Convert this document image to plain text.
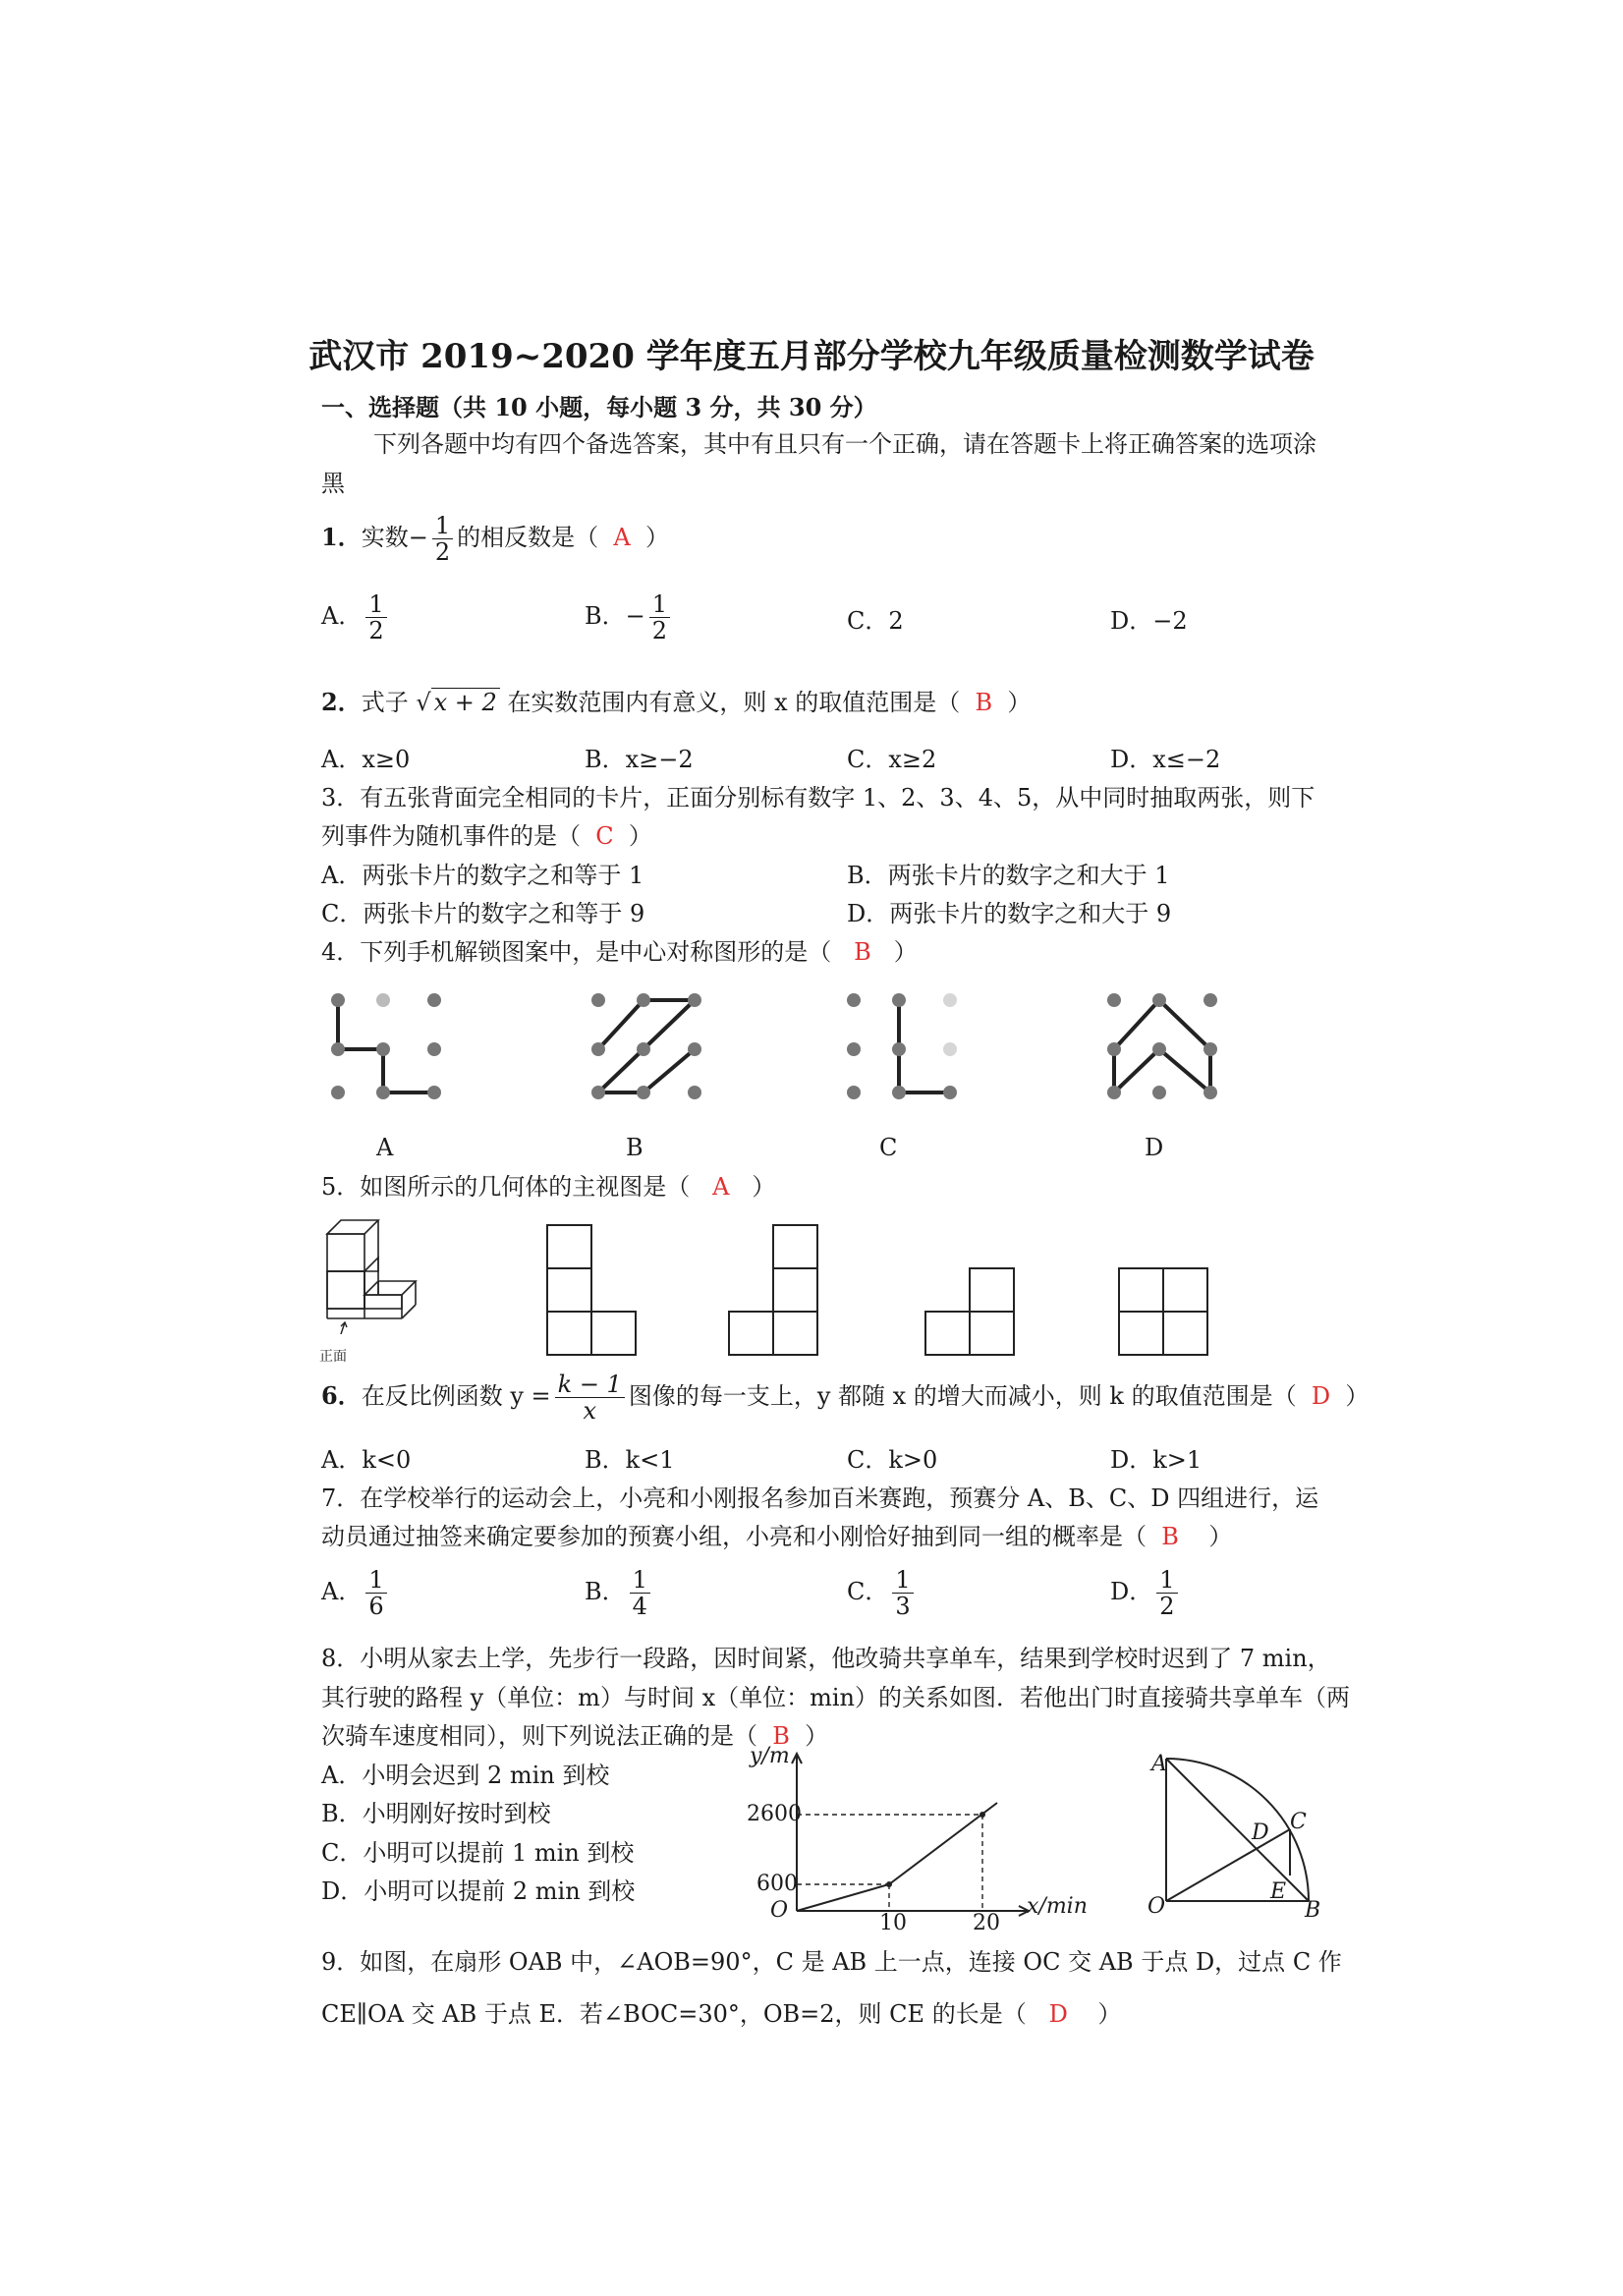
武汉市 2019~2020 学年度五月部分学校九年级质量检测数学试卷
一、选择题（共 10 小题，每小题 3 分，共 30 分）
下列各题中均有四个备选答案，其中有且只有一个正确，请在答题卡上将正确答案的选项涂
黑
1．实数− $\frac{1}{2}$ 的相反数是（ A ）
A． $\frac{1}{2}$	B．− $\frac{1}{2}$	C．2	D．−2
2．式子 √ x + 2 在实数范围内有意义，则 x 的取值范围是（ B ）
A．x≥0	B．x≥−2	C．x≥2	D．x≤−2
3．有五张背面完全相同的卡片，正面分别标有数字 1、2、3、4、5，从中同时抽取两张，则下
列事件为随机事件的是（ C ）
A．两张卡片的数字之和等于 1	B．两张卡片的数字之和大于 1
C．两张卡片的数字之和等于 9	D．两张卡片的数字之和大于 9
4．下列手机解锁图案中，是中心对称图形的是（ B ）
A	B	C	D
5．如图所示的几何体的主视图是（ A ）
正面
6．在反比例函数 $y = \frac{k - 1}{x}$ 图像的每一支上，y 都随 x 的增大而减小，则 k 的取值范围是（ D ）
A．k<0	B．k<1	C．k>0	D．k>1
7．在学校举行的运动会上，小亮和小刚报名参加百米赛跑，预赛分 A、B、C、D 四组进行，运
动员通过抽签来确定要参加的预赛小组，小亮和小刚恰好抽到同一组的概率是（ B ）
A． $\frac{1}{6}$	B． $\frac{1}{4}$	C． $\frac{1}{3}$	D． $\frac{1}{2}$
8．小明从家去上学，先步行一段路，因时间紧，他改骑共享单车，结果到学校时迟到了 7 min，
其行驶的路程 y（单位：m）与时间 x（单位：min）的关系如图．若他出门时直接骑共享单车（两
次骑车速度相同），则下列说法正确的是（ B ）
A．小明会迟到 2 min 到校
B．小明刚好按时到校
C．小明可以提前 1 min 到校
D．小明可以提前 2 min 到校
y/m
x/min
O
2600
600
10	20
A
B
C
D
E
O
9．如图，在扇形 OAB 中，∠AOB=90°，C 是 AB 上一点，连接 OC 交 AB 于点 D，过点 C 作
CE∥OA 交 AB 于点 E．若∠BOC=30°，OB=2，则 CE 的长是（ D ）
